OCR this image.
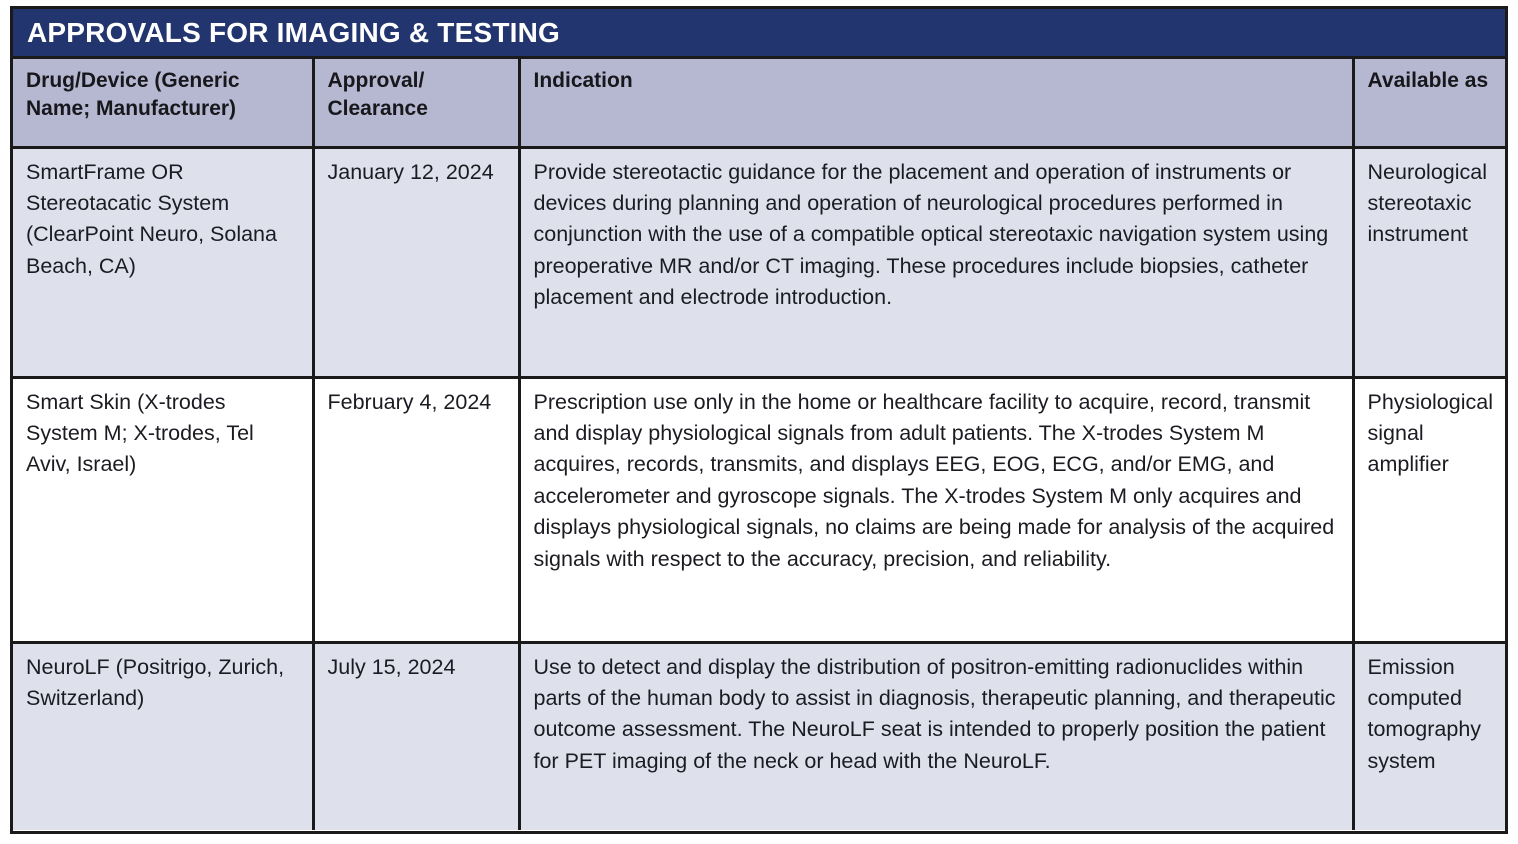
APPROVALS FOR IMAGING & TESTING
Drug/Device (Generic Name; Manufacturer)	Approval/ Clearance	Indication	Available as
SmartFrame OR Stereotacatic System (ClearPoint Neuro, Solana Beach, CA)	January 12, 2024	Provide stereotactic guidance for the placement and operation of instruments or devices during planning and operation of neurological procedures performed in conjunction with the use of a compatible optical stereotaxic navigation system using preoperative MR and/or CT imaging. These procedures include biopsies, catheter placement and electrode introduction.	Neurological stereotaxic instrument
Smart Skin (X-trodes System M; X-trodes, Tel Aviv, Israel)	February 4, 2024	Prescription use only in the home or healthcare facility to acquire, record, transmit and display physiological signals from adult patients. The X-trodes System M acquires, records, transmits, and displays EEG, EOG, ECG, and/or EMG, and accelerometer and gyroscope signals. The X-trodes System M only acquires and displays physiological signals, no claims are being made for analysis of the acquired signals with respect to the accuracy, precision, and reliability.	Physiological signal amplifier
NeuroLF (Positrigo, Zurich, Switzerland)	July 15, 2024	Use to detect and display the distribution of positron-emitting radionuclides within parts of the human body to assist in diagnosis, therapeutic planning, and therapeutic outcome assessment. The NeuroLF seat is intended to properly position the patient for PET imaging of the neck or head with the NeuroLF.	Emission computed tomography system
